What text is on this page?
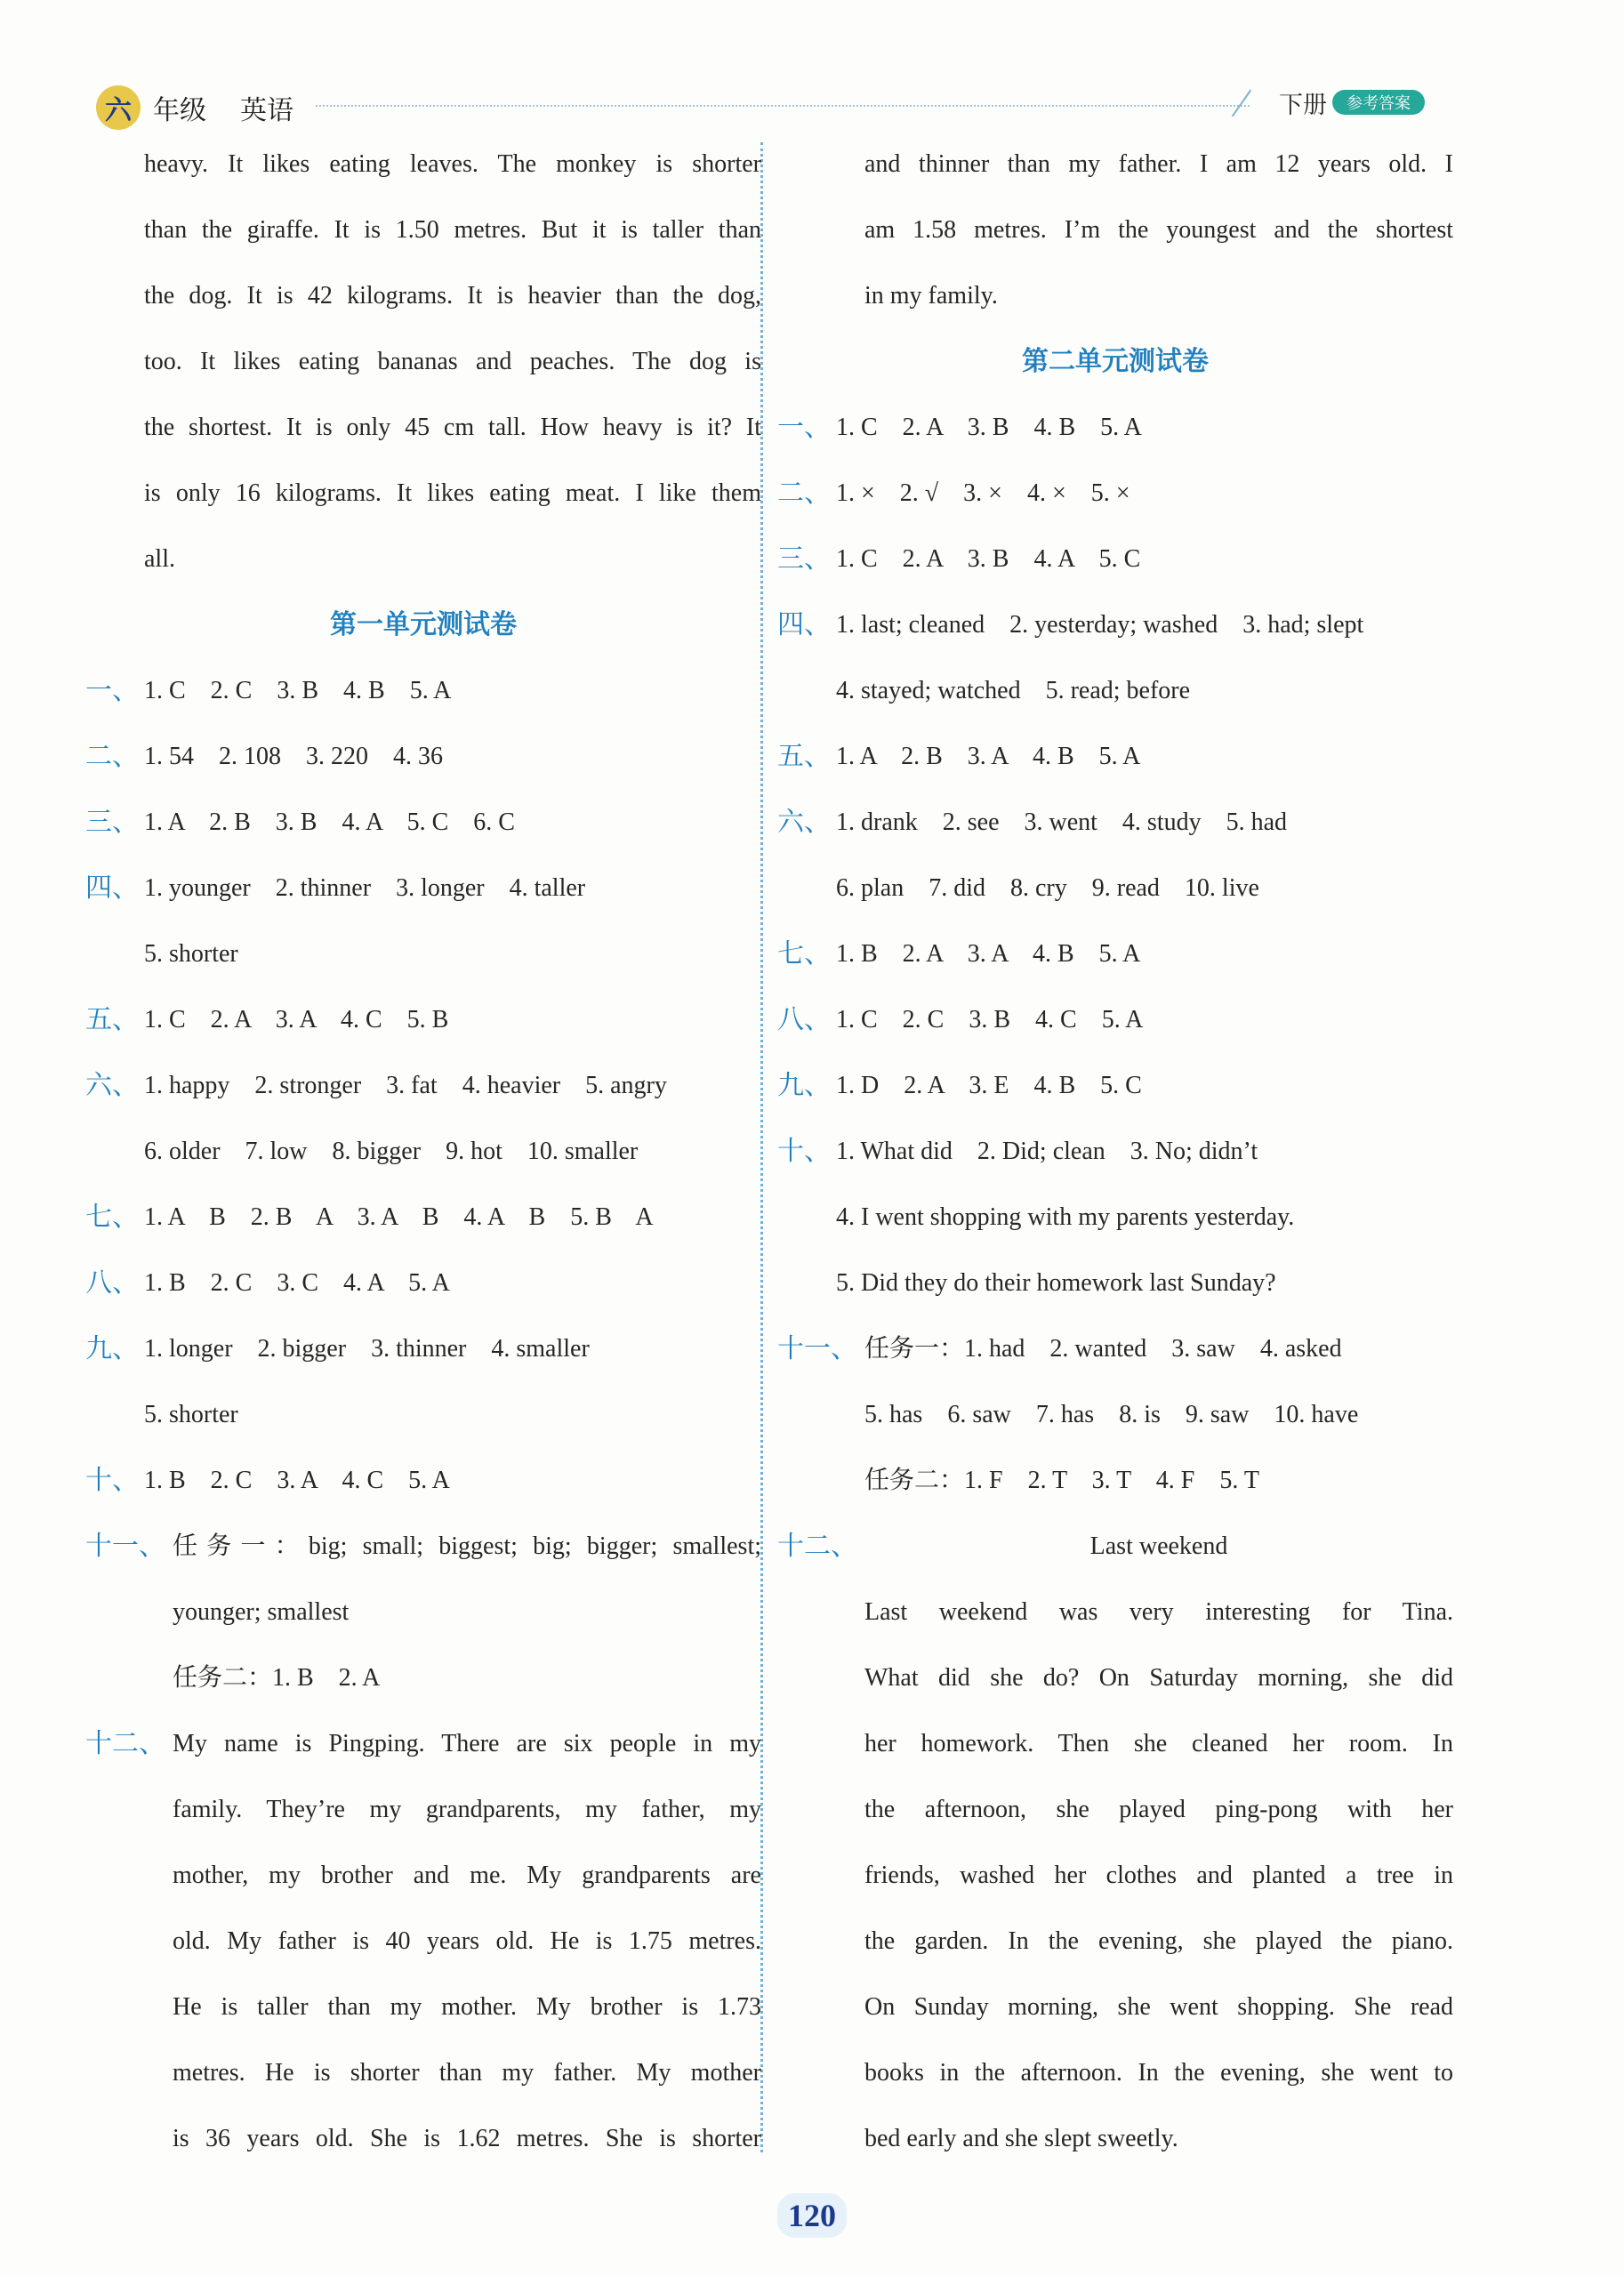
六 年级 英语	下册	参考答案
heavy. It likes eating leaves. The monkey is shorter
than the giraffe. It is 1.50 metres. But it is taller than
the dog. It is 42 kilograms. It is heavier than the dog,
too. It likes eating bananas and peaches. The dog is
the shortest. It is only 45 cm tall. How heavy is it? It
is only 16 kilograms. It likes eating meat. I like them
all.
第一单元测试卷
一、 1. C    2. C    3. B    4. B    5. A
二、 1. 54    2. 108    3. 220    4. 36
三、 1. A    2. B    3. B    4. A    5. C    6. C
四、 1. younger    2. thinner    3. longer    4. taller
5. shorter
五、 1. C    2. A    3. A    4. C    5. B
六、 1. happy    2. stronger    3. fat    4. heavier    5. angry
6. older    7. low    8. bigger    9. hot    10. smaller
七、 1. A    B    2. B    A    3. A    B    4. A    B    5. B    A
八、 1. B    2. C    3. C    4. A    5. A
九、 1. longer    2. bigger    3. thinner    4. smaller
5. shorter
十、 1. B    2. C    3. A    4. C    5. A
十一、 任务一：big; small; biggest; big; bigger; smallest;
younger; smallest
任务二：1. B    2. A
十二、 My name is Pingping. There are six people in my
family. They’re my grandparents, my father, my
mother, my brother and me. My grandparents are
old. My father is 40 years old. He is 1.75 metres.
He is taller than my mother. My brother is 1.73
metres. He is shorter than my father. My mother
is 36 years old. She is 1.62 metres. She is shorter
and thinner than my father. I am 12 years old. I
am 1.58 metres. I’m the youngest and the shortest
in my family.
第二单元测试卷
一、 1. C    2. A    3. B    4. B    5. A
二、 1. ×    2. √    3. ×    4. ×    5. ×
三、 1. C    2. A    3. B    4. A    5. C
四、 1. last; cleaned    2. yesterday; washed    3. had; slept
4. stayed; watched    5. read; before
五、 1. A    2. B    3. A    4. B    5. A
六、 1. drank    2. see    3. went    4. study    5. had
6. plan    7. did    8. cry    9. read    10. live
七、 1. B    2. A    3. A    4. B    5. A
八、 1. C    2. C    3. B    4. C    5. A
九、 1. D    2. A    3. E    4. B    5. C
十、 1. What did    2. Did; clean    3. No; didn’t
4. I went shopping with my parents yesterday.
5. Did they do their homework last Sunday?
十一、 任务一：1. had    2. wanted    3. saw    4. asked
5. has    6. saw    7. has    8. is    9. saw    10. have
任务二：1. F    2. T    3. T    4. F    5. T
十二、	Last weekend
Last weekend was very interesting for Tina.
What did she do? On Saturday morning, she did
her homework. Then she cleaned her room. In
the afternoon, she played ping-pong with her
friends, washed her clothes and planted a tree in
the garden. In the evening, she played the piano.
On Sunday morning, she went shopping. She read
books in the afternoon. In the evening, she went to
bed early and she slept sweetly.
120
